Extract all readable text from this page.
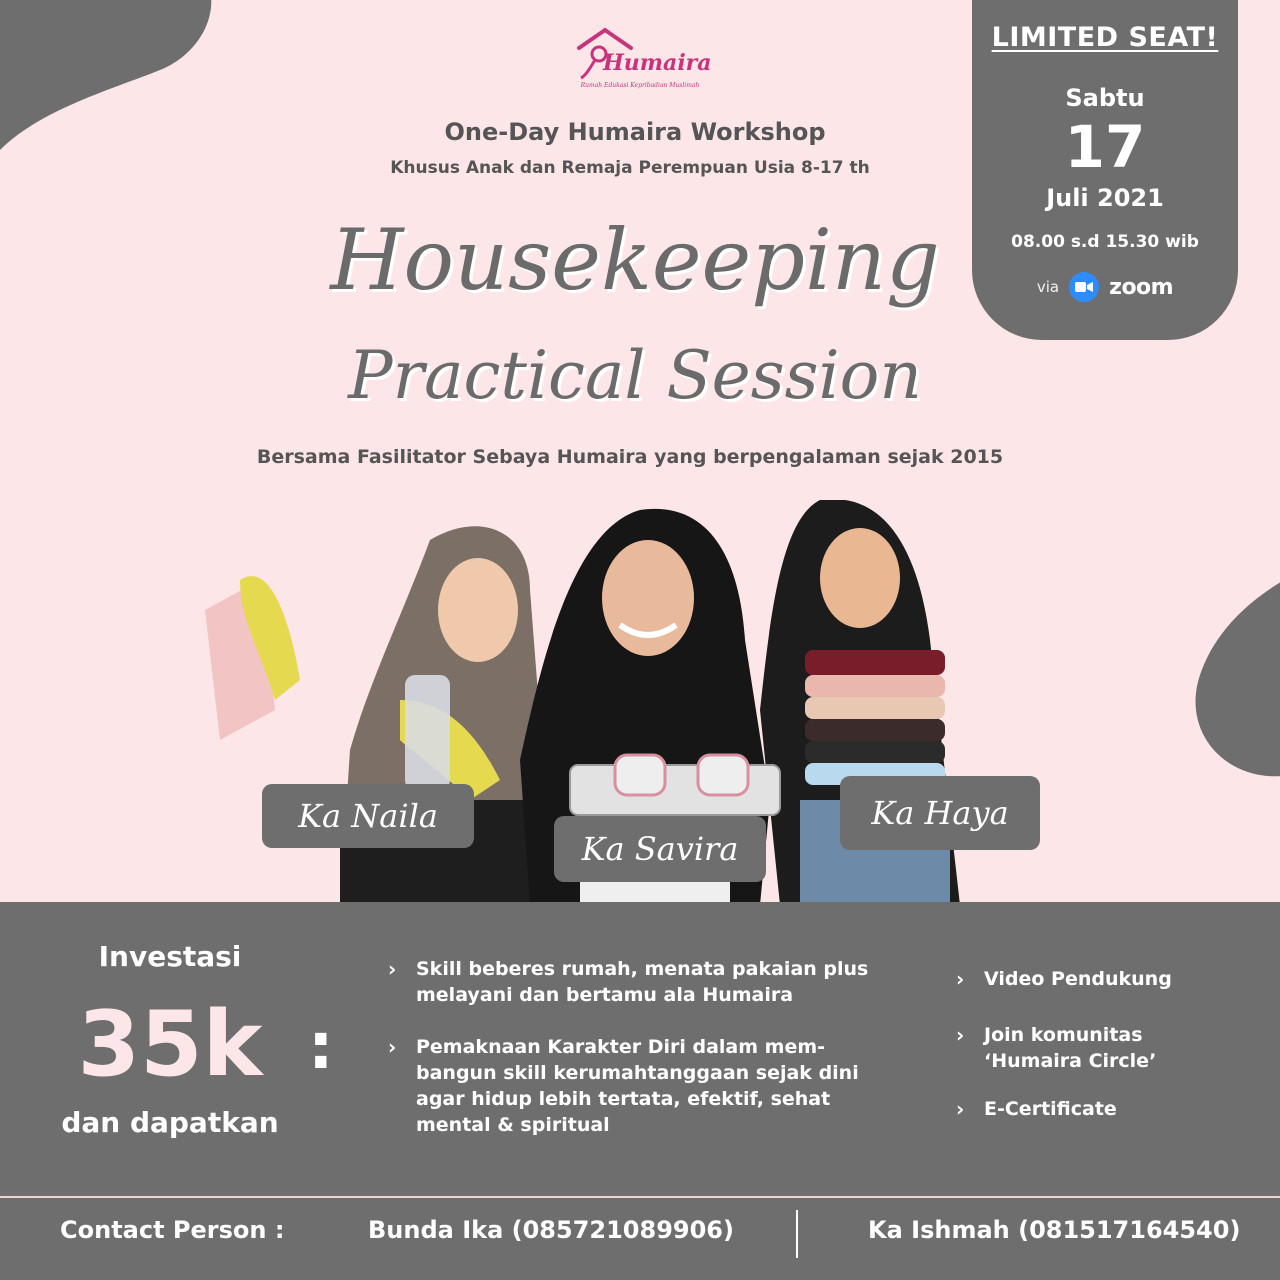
LIMITED SEAT!
Sabtu
17
Juli 2021
08.00 s.d 15.30 wib
via zoom
Humaira
Rumah Edukasi Kepribadian Muslimah
One-Day Humaira Workshop
Khusus Anak dan Remaja Perempuan Usia 8-17 th
Housekeeping
Practical Session
Bersama Fasilitator Sebaya Humaira yang berpengalaman sejak 2015
Ka Naila
Ka Savira
Ka Haya
Investasi
35k
dan dapatkan
:
› Skill beberes rumah, menata pakaian plus melayani dan bertamu ala Humaira
› Pemaknaan Karakter Diri dalam mem-bangun skill kerumahtanggaan sejak dini agar hidup lebih tertata, efektif, sehat mental & spiritual
› Video Pendukung
› Join komunitas ‘Humaira Circle’
› E-Certificate
Contact Person :	Bunda Ika (085721089906)	Ka Ishmah (081517164540)
